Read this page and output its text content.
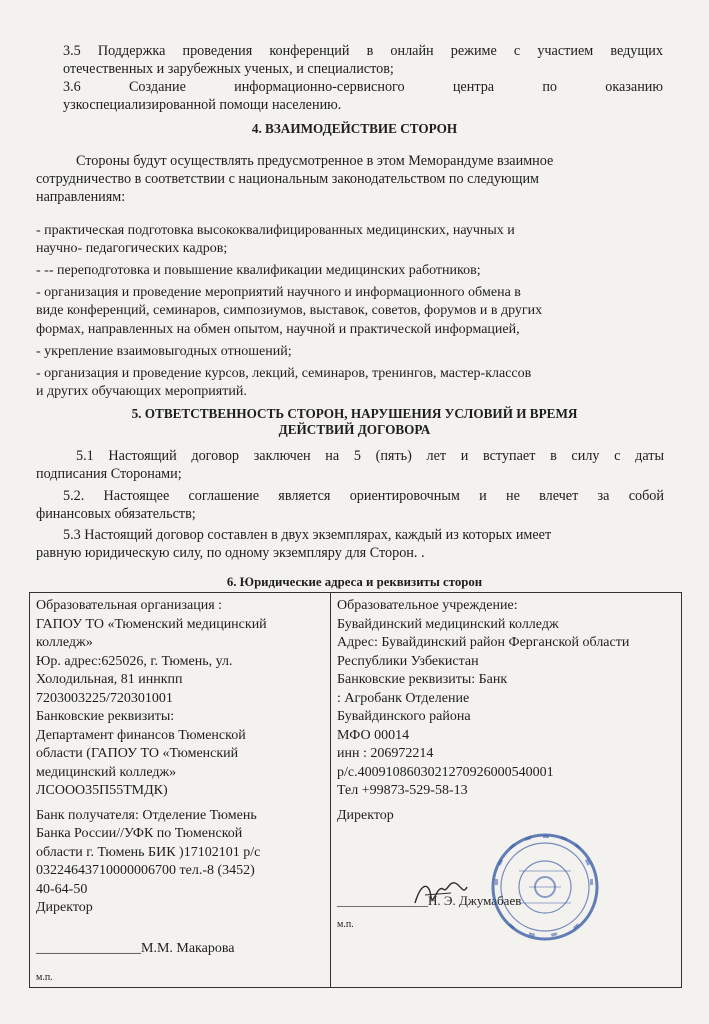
3.5 Поддержка проведения конференций в онлайн режиме с участием ведущих

отечественных и зарубежных ученых, и специалистов;

3.6 Создание информационно-сервисного центра по оказанию

узкоспециализированной помощи населению.

4. ВЗАИМОДЕЙСТВИЕ СТОРОН

Стороны будут осуществлять предусмотренное в этом Меморандуме взаимное

сотрудничество в соответствии с национальным законодательством по следующим

направлениям:

- практическая подготовка высококвалифицированных медицинских, научных и

научно- педагогических кадров;

- -- переподготовка и повышение квалификации медицинских работников;

- организация и проведение мероприятий научного и информационного обмена в

виде конференций, семинаров, симпозиумов, выставок, советов, форумов и в других

формах, направленных на обмен опытом, научной и практической информацией,

- укрепление взаимовыгодных отношений;

- организация и проведение курсов, лекций, семинаров, тренингов, мастер-классов

и других обучающих мероприятий.

5. ОТВЕТСТВЕННОСТЬ СТОРОН, НАРУШЕНИЯ УСЛОВИЙ И ВРЕМЯ
ДЕЙСТВИЙ ДОГОВОРА

5.1 Настоящий договор заключен на 5 (пять) лет и вступает в силу с даты

подписания Сторонами;

5.2. Настоящее соглашение является ориентировочным и не влечет за собой

финансовых обязательств;

5.3 Настоящий договор составлен в двух экземплярах, каждый из которых имеет

равную юридическую силу, по одному экземпляру для Сторон. .

6. Юридические адреса и реквизиты сторон
Образовательная организация :
ГАПОУ ТО «Тюменский медицинский
колледж»
Юр. адрес:625026, г. Тюмень, ул.
Холодильная, 81 иннкпп
7203003225/720301001
Банковские реквизиты:
Департамент финансов Тюменской
области (ГАПОУ ТО «Тюменский
медицинский колледж»
ЛСООО35П55ТМДК)

Банк получателя: Отделение Тюмень
Банка России//УФК по Тюменской
области г. Тюмень БИК )17102101 р/с
03224643710000006700 тел.-8 (3452)
40-64-50
Директор
_______________М.М. Макарова
м.п.

Образовательное учреждение:
Бувайдинский медицинский колледж
Адрес: Бувайдинский район Ферганской области
Республики Узбекистан
Банковские реквизиты: Банк
: Агробанк Отделение
Бувайдинского района
МФО 00014
инн : 206972214
р/с.4009108603021270926000540001
Тел +99873-529-58-13

Директор
______________Н. Э. Джумабаев
м.п.
